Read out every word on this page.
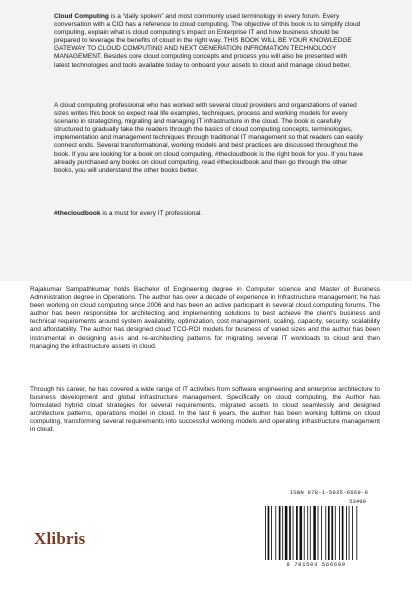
Cloud Computing is a “daily spoken” and most commonly used terminology in every forum. Every conversation with a CIO has a reference to cloud computing. The objective of this book is to simplify cloud computing, explain what is cloud computing’s impact on Enterprise IT and how business should be prepared to leverage the benefits of cloud in the right way. THIS BOOK WILL BE YOUR KNOWLEDGE GATEWAY TO CLOUD COMPUTING AND NEXT GENERATION INFROMATION TECHNOLOGY MANAGEMENT. Besides core cloud computing concepts and process you will also be presented with latest technologies and tools available today to onboard your assets to cloud and manage cloud better.

A cloud computing professional who has worked with several cloud providers and organizations of varied sizes writes this book so expect real life examples, techniques, process and working models for every scenario in strategizing, migrating and managing IT infrastructure in the cloud. The book is carefully structured to gradually take the readers through the basics of cloud computing concepts, terminologies, implementation and management techniques through traditional IT management so that readers can easily connect ends. Several transformational, working models and best practices are discussed throughout the book. If you are looking for a book on cloud computing, #thecloudbook is the right book for you. If you have already purchased any books on cloud computing, read #thecloudbook and then go through the other books, you will understand the other books better.

#thecloudbook is a must for every IT professional.

Rajakumar Sampathkumar holds Bachelor of Engineering degree in Computer science and Master of Business Administration degree in Operations. The author has over a decade of experience in Infrastructure management; he has been working on cloud computing since 2006 and has been an active participant in several cloud computing forums. The author has been responsible for architecting and implementing solutions to best achieve the client’s business and technical requirements around system availability, optimization, cost management, scaling, capacity, security, scalability and affordability. The author has designed cloud TCO-ROI models for business of varied sizes and the author has been instrumental in designing as-is and re-architecting patterns for migrating several IT workloads to cloud and then managing the infrastructure assets in cloud.

Through his career, he has covered a wide range of IT activities from software engineering and enterprise architecture to business development and global infrastructure management. Specifically on cloud computing, the Author has formulated hybrid cloud strategies for several requirements, migrated assets to cloud seamlessly and designed architecture patterns, operations model in cloud. In the last 6 years, the author has been working fulltime on cloud computing, transforming several requirements into successful working models and operating infrastructure management in cloud.

Xlibris
ISBN 978-1-5035-6669-9
53499
9 781503 566699
